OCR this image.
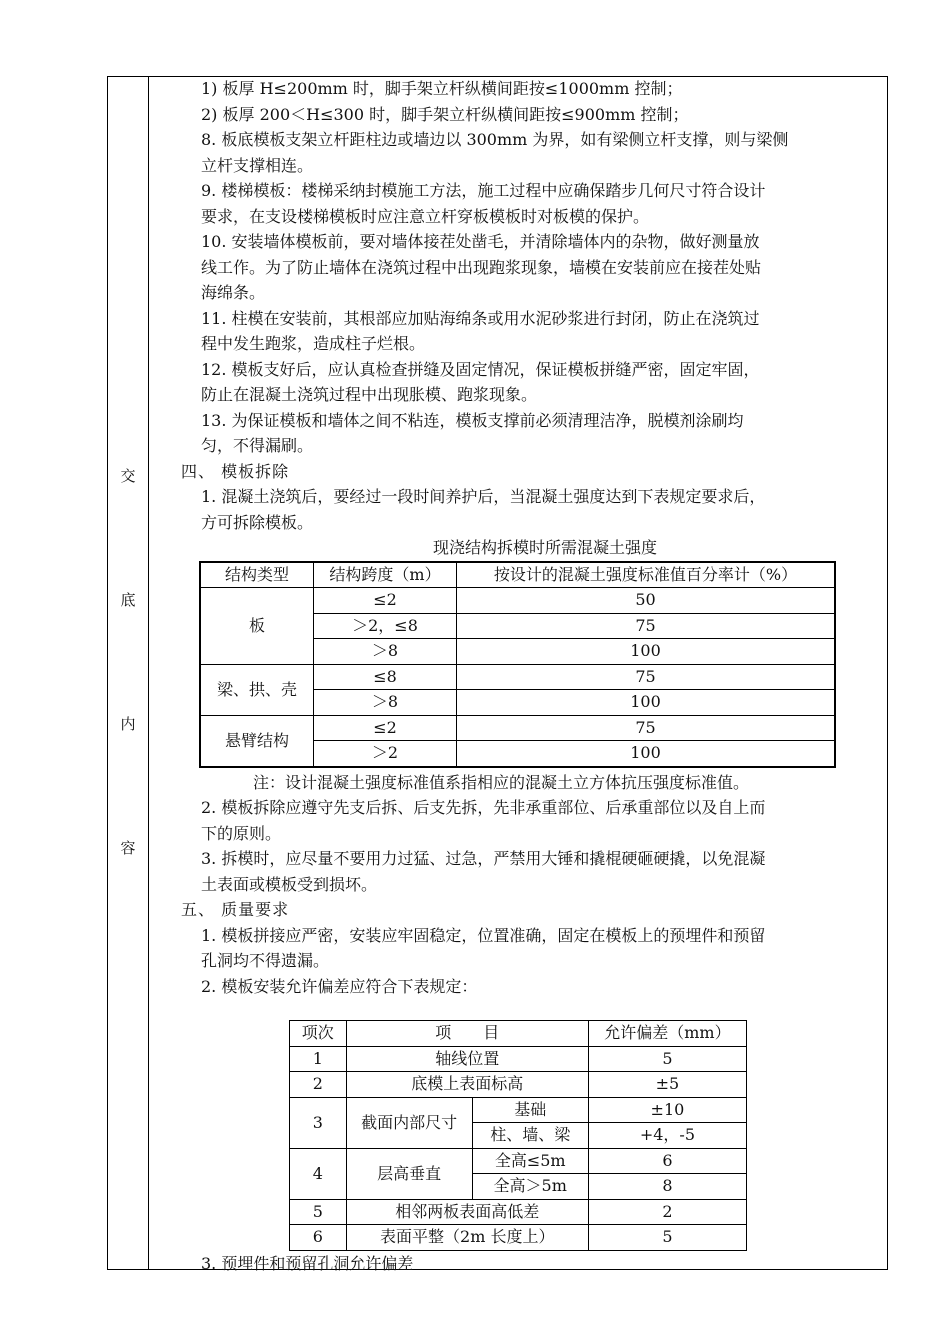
交
底
内
容

1) 板厚 H≤200mm 时，脚手架立杆纵横间距按≤1000mm 控制；

2) 板厚 200＜H≤300 时，脚手架立杆纵横间距按≤900mm 控制；

8. 板底模板支架立杆距柱边或墙边以 300mm 为界，如有梁侧立杆支撑，则与梁侧
立杆支撑相连。

9. 楼梯模板：楼梯采纳封模施工方法，施工过程中应确保踏步几何尺寸符合设计
要求，在支设楼梯模板时应注意立杆穿板模板时对板模的保护。

10. 安装墙体模板前，要对墙体接茬处凿毛，并清除墙体内的杂物，做好测量放
线工作。为了防止墙体在浇筑过程中出现跑浆现象，墙模在安装前应在接茬处贴
海绵条。

11. 柱模在安装前，其根部应加贴海绵条或用水泥砂浆进行封闭，防止在浇筑过
程中发生跑浆，造成柱子烂根。

12. 模板支好后，应认真检查拼缝及固定情况，保证模板拼缝严密，固定牢固，
防止在混凝土浇筑过程中出现胀模、跑浆现象。

13. 为保证模板和墙体之间不粘连，模板支撑前必须清理洁净，脱模剂涂刷均
匀，不得漏刷。

四、 模板拆除

1. 混凝土浇筑后，要经过一段时间养护后，当混凝土强度达到下表规定要求后，
方可拆除模板。

现浇结构拆模时所需混凝土强度

结构类型	结构跨度（m）	按设计的混凝土强度标准值百分率计（%）
板	≤2	50
	＞2，≤8	75
	＞8	100
梁、拱、壳	≤8	75
	＞8	100
悬臂结构	≤2	75
	＞2	100

注：设计混凝土强度标准值系指相应的混凝土立方体抗压强度标准值。

2. 模板拆除应遵守先支后拆、后支先拆，先非承重部位、后承重部位以及自上而
下的原则。

3. 拆模时，应尽量不要用力过猛、过急，严禁用大锤和撬棍硬砸硬撬，以免混凝
土表面或模板受到损坏。

五、 质量要求

1. 模板拼接应严密，安装应牢固稳定，位置准确，固定在模板上的预埋件和预留
孔洞均不得遗漏。

2. 模板安装允许偏差应符合下表规定：

项次	项　　目		允许偏差（mm）
1	轴线位置		5
2	底模上表面标高		±5
3	截面内部尺寸	基础	±10
		柱、墙、梁	+4，-5
4	层高垂直	全高≤5m	6
		全高＞5m	8
5	相邻两板表面高低差		2
6	表面平整（2m 长度上）		5

3. 预埋件和预留孔洞允许偏差
